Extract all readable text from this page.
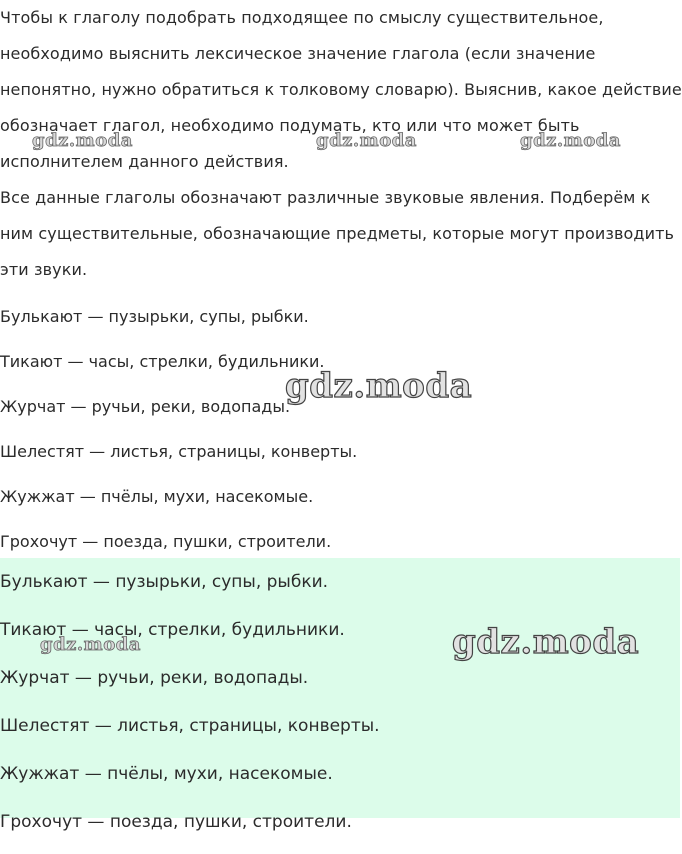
Чтобы к глаголу подобрать подходящее по смыслу существительное,

необходимо выяснить лексическое значение глагола (если значение

непонятно, нужно обратиться к толковому словарю). Выяснив, какое действие

обозначает глагол, необходимо подумать, кто или что может быть

исполнителем данного действия.

Все данные глаголы обозначают различные звуковые явления. Подберём к

ним существительные, обозначающие предметы, которые могут производить

эти звуки.

Булькают — пузырьки, супы, рыбки.
Тикают — часы, стрелки, будильники.
Журчат — ручьи, реки, водопады.
Шелестят — листья, страницы, конверты.
Жужжат — пчёлы, мухи, насекомые.
Грохочут — поезда, пушки, строители.
Булькают — пузырьки, супы, рыбки.
Тикают — часы, стрелки, будильники.
Журчат — ручьи, реки, водопады.
Шелестят — листья, страницы, конверты.
Жужжат — пчёлы, мухи, насекомые.
Грохочут — поезда, пушки, строители.
gdz.moda	gdz.moda	gdz.moda
gdz.moda
gdz.moda	gdz.moda
